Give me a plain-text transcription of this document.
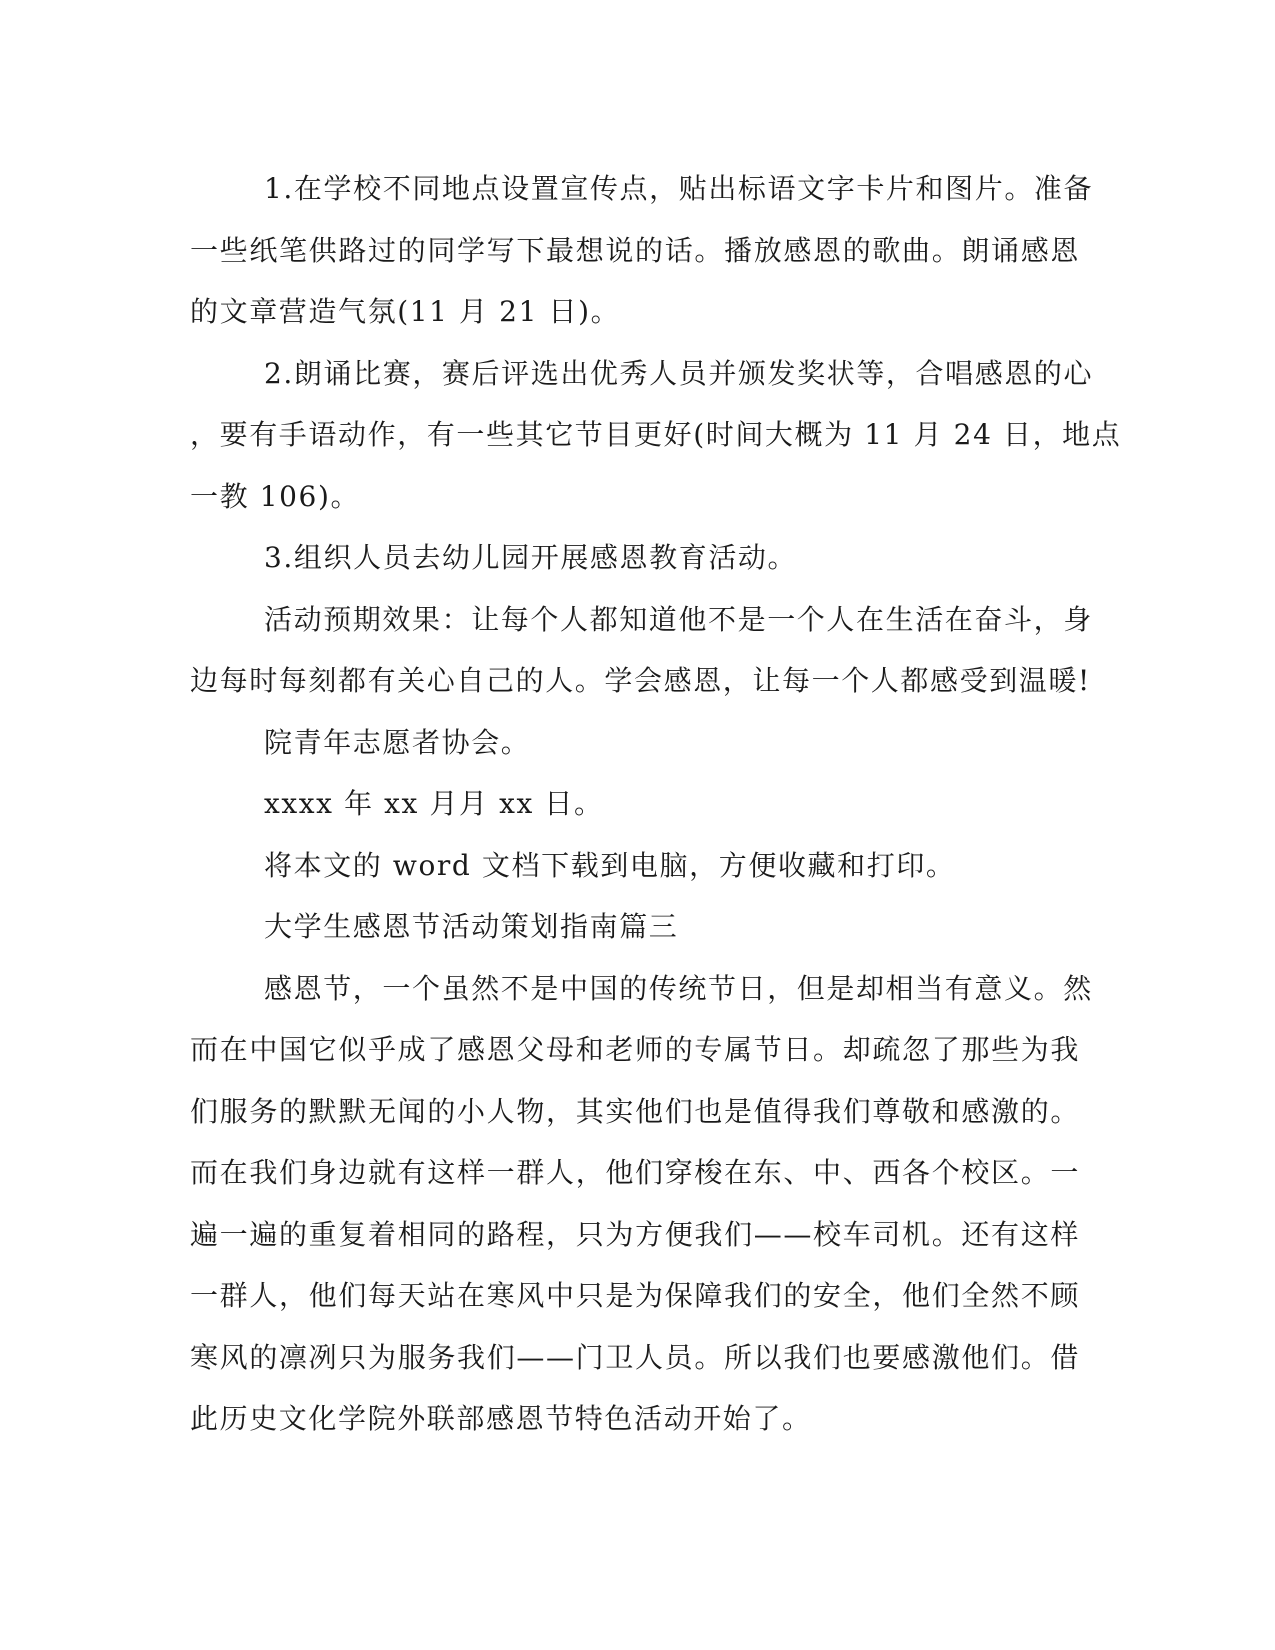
1.在学校不同地点设置宣传点，贴出标语文字卡片和图片。准备
一些纸笔供路过的同学写下最想说的话。播放感恩的歌曲。朗诵感恩
的文章营造气氛(11 月 21 日)。

2.朗诵比赛，赛后评选出优秀人员并颁发奖状等，合唱感恩的心
，要有手语动作，有一些其它节目更好(时间大概为 11 月 24 日，地点
一教 106)。

3.组织人员去幼儿园开展感恩教育活动。

活动预期效果：让每个人都知道他不是一个人在生活在奋斗，身
边每时每刻都有关心自己的人。学会感恩，让每一个人都感受到温暖!

院青年志愿者协会。

xxxx 年 xx 月月 xx 日。

将本文的 word 文档下载到电脑，方便收藏和打印。

大学生感恩节活动策划指南篇三

感恩节，一个虽然不是中国的传统节日，但是却相当有意义。然
而在中国它似乎成了感恩父母和老师的专属节日。却疏忽了那些为我
们服务的默默无闻的小人物，其实他们也是值得我们尊敬和感激的。
而在我们身边就有这样一群人，他们穿梭在东、中、西各个校区。一
遍一遍的重复着相同的路程，只为方便我们——校车司机。还有这样
一群人，他们每天站在寒风中只是为保障我们的安全，他们全然不顾
寒风的凛冽只为服务我们——门卫人员。所以我们也要感激他们。借
此历史文化学院外联部感恩节特色活动开始了。
